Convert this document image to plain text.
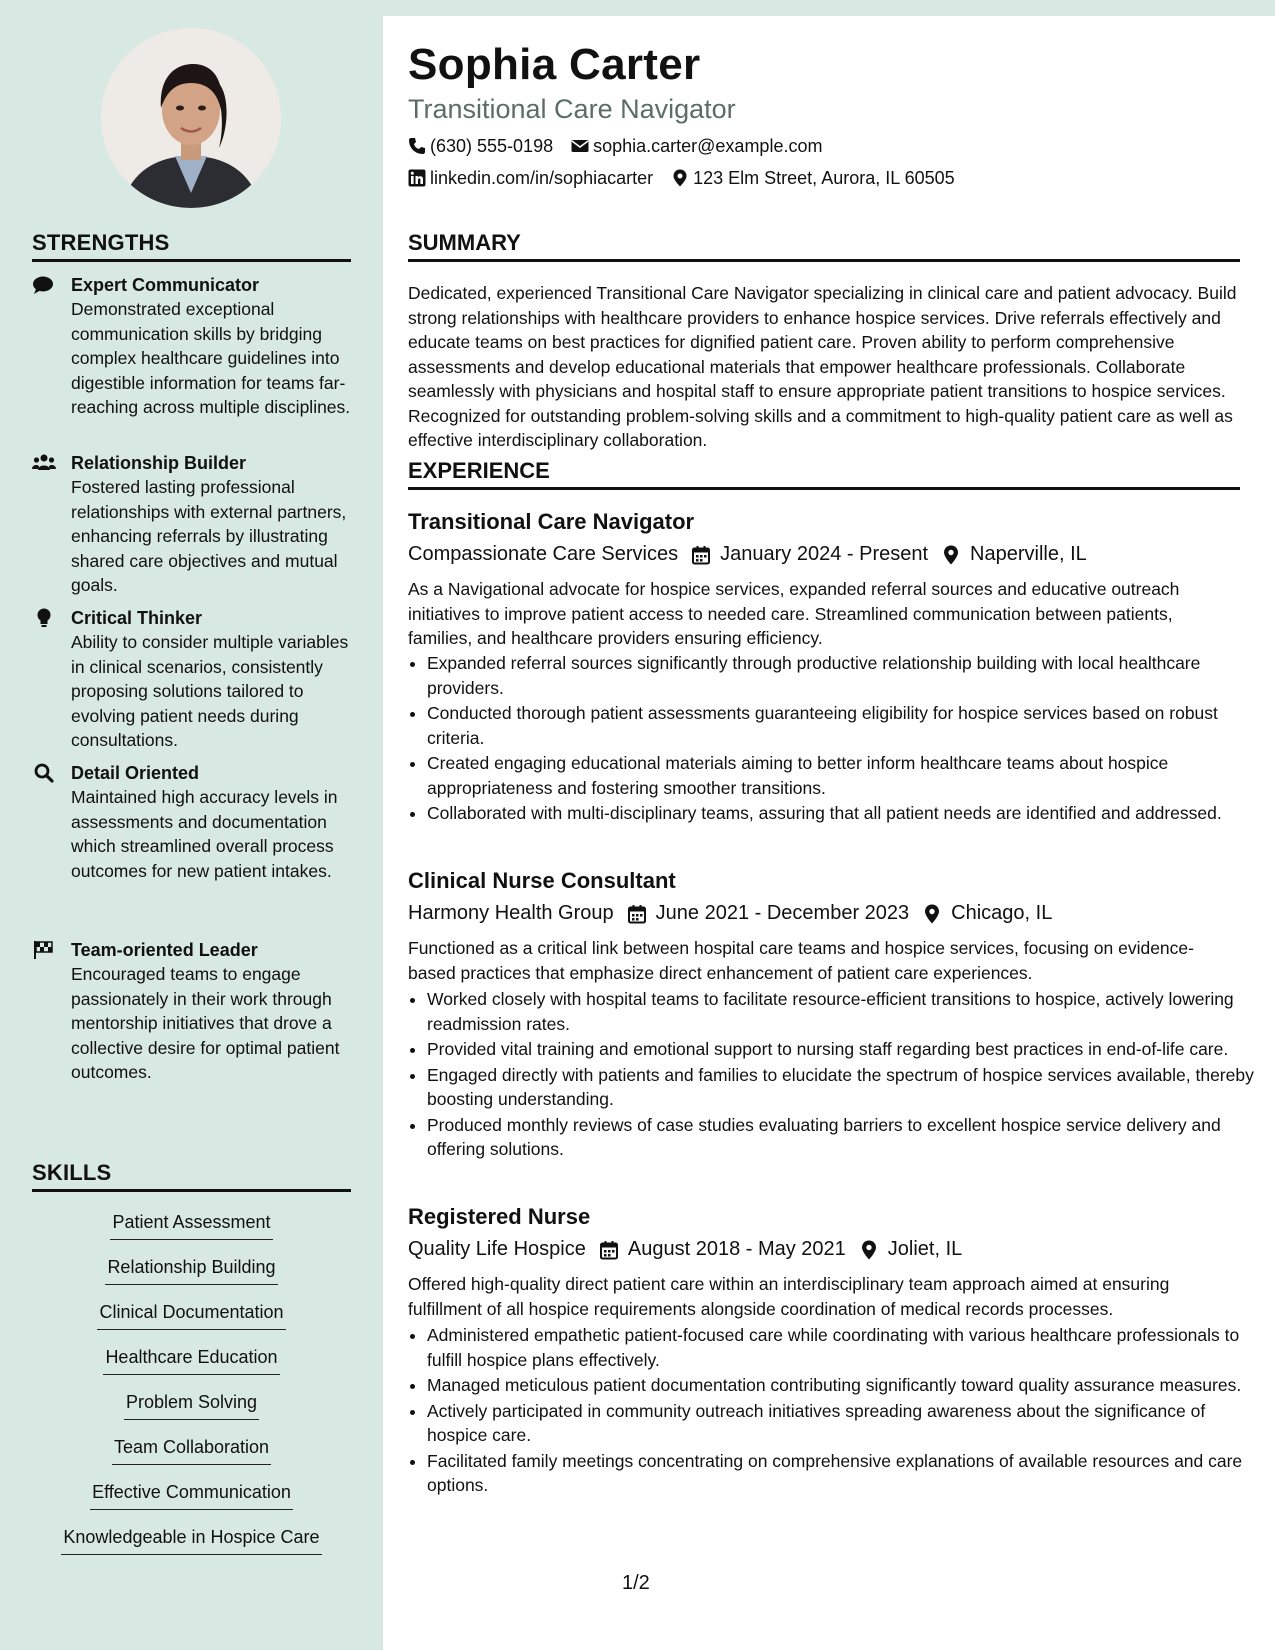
STRENGTHS
Expert Communicator
Demonstrated exceptional communication skills by bridging complex healthcare guidelines into digestible information for teams far-reaching across multiple disciplines.
Relationship Builder
Fostered lasting professional relationships with external partners, enhancing referrals by illustrating shared care objectives and mutual goals.
Critical Thinker
Ability to consider multiple variables in clinical scenarios, consistently proposing solutions tailored to evolving patient needs during consultations.
Detail Oriented
Maintained high accuracy levels in assessments and documentation which streamlined overall process outcomes for new patient intakes.
Team-oriented Leader
Encouraged teams to engage passionately in their work through mentorship initiatives that drove a collective desire for optimal patient outcomes.
SKILLS
Patient Assessment
Relationship Building
Clinical Documentation
Healthcare Education
Problem Solving
Team Collaboration
Effective Communication
Knowledgeable in Hospice Care
Sophia Carter
Transitional Care Navigator
(630) 555-0198 sophia.carter@example.com
linkedin.com/in/sophiacarter 123 Elm Street, Aurora, IL 60505
SUMMARY
Dedicated, experienced Transitional Care Navigator specializing in clinical care and patient advocacy. Build strong relationships with healthcare providers to enhance hospice services. Drive referrals effectively and educate teams on best practices for dignified patient care. Proven ability to perform comprehensive assessments and develop educational materials that empower healthcare professionals. Collaborate seamlessly with physicians and hospital staff to ensure appropriate patient transitions to hospice services. Recognized for outstanding problem-solving skills and a commitment to high-quality patient care as well as effective interdisciplinary collaboration.
EXPERIENCE
Transitional Care Navigator
Compassionate Care Services January 2024 - Present Naperville, IL
As a Navigational advocate for hospice services, expanded referral sources and educative outreach initiatives to improve patient access to needed care. Streamlined communication between patients, families, and healthcare providers ensuring efficiency.
• Expanded referral sources significantly through productive relationship building with local healthcare providers.
• Conducted thorough patient assessments guaranteeing eligibility for hospice services based on robust criteria.
• Created engaging educational materials aiming to better inform healthcare teams about hospice appropriateness and fostering smoother transitions.
• Collaborated with multi-disciplinary teams, assuring that all patient needs are identified and addressed.
Clinical Nurse Consultant
Harmony Health Group June 2021 - December 2023 Chicago, IL
Functioned as a critical link between hospital care teams and hospice services, focusing on evidence-based practices that emphasize direct enhancement of patient care experiences.
• Worked closely with hospital teams to facilitate resource-efficient transitions to hospice, actively lowering readmission rates.
• Provided vital training and emotional support to nursing staff regarding best practices in end-of-life care.
• Engaged directly with patients and families to elucidate the spectrum of hospice services available, thereby boosting understanding.
• Produced monthly reviews of case studies evaluating barriers to excellent hospice service delivery and offering solutions.
Registered Nurse
Quality Life Hospice August 2018 - May 2021 Joliet, IL
Offered high-quality direct patient care within an interdisciplinary team approach aimed at ensuring fulfillment of all hospice requirements alongside coordination of medical records processes.
• Administered empathetic patient-focused care while coordinating with various healthcare professionals to fulfill hospice plans effectively.
• Managed meticulous patient documentation contributing significantly toward quality assurance measures.
• Actively participated in community outreach initiatives spreading awareness about the significance of hospice care.
• Facilitated family meetings concentrating on comprehensive explanations of available resources and care options.
1/2
